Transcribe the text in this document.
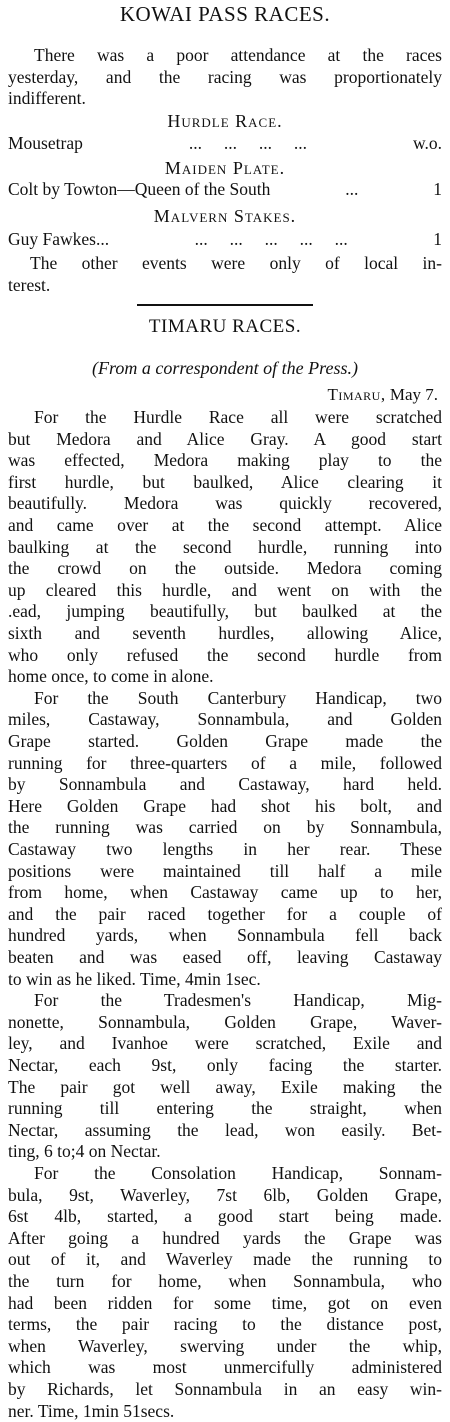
KOWAI PASS RACES.
There was a poor attendance at the races
yesterday, and the racing was proportionately
indifferent.
Hurdle Race.
Mousetrap	...     ...     ...     ...	w.o.
Maiden Plate.
Colt by Towton—Queen of the South	...	1
Malvern Stakes.
Guy Fawkes...	...     ...     ...     ...     ...	1
The other events were only of local in-
terest.
TIMARU RACES.
(From a correspondent of the Press.)
Timaru, May 7.
For the Hurdle Race all were scratched
but Medora and Alice Gray. A good start
was effected, Medora making play to the
first hurdle, but baulked, Alice clearing it
beautifully. Medora was quickly recovered,
and came over at the second attempt. Alice
baulking at the second hurdle, running into
the crowd on the outside. Medora coming
up cleared this hurdle, and went on with the
.ead, jumping beautifully, but baulked at the
sixth and seventh hurdles, allowing Alice,
who only refused the second hurdle from
home once, to come in alone.
For the South Canterbury Handicap, two
miles, Castaway, Sonnambula, and Golden
Grape started. Golden Grape made the
running for three-quarters of a mile, followed
by Sonnambula and Castaway, hard held.
Here Golden Grape had shot his bolt, and
the running was carried on by Sonnambula,
Castaway two lengths in her rear. These
positions were maintained till half a mile
from home, when Castaway came up to her,
and the pair raced together for a couple of
hundred yards, when Sonnambula fell back
beaten and was eased off, leaving Castaway
to win as he liked. Time, 4min 1sec.
For the Tradesmen's Handicap, Mig-
nonette, Sonnambula, Golden Grape, Waver-
ley, and Ivanhoe were scratched, Exile and
Nectar, each 9st, only facing the starter.
The pair got well away, Exile making the
running till entering the straight, when
Nectar, assuming the lead, won easily. Bet-
ting, 6 to;4 on Nectar.
For the Consolation Handicap, Sonnam-
bula, 9st, Waverley, 7st 6lb, Golden Grape,
6st 4lb, started, a good start being made.
After going a hundred yards the Grape was
out of it, and Waverley made the running to
the turn for home, when Sonnambula, who
had been ridden for some time, got on even
terms, the pair racing to the distance post,
when Waverley, swerving under the whip,
which was most unmercifully administered
by Richards, let Sonnambula in an easy win-
ner. Time, 1min 51secs.
